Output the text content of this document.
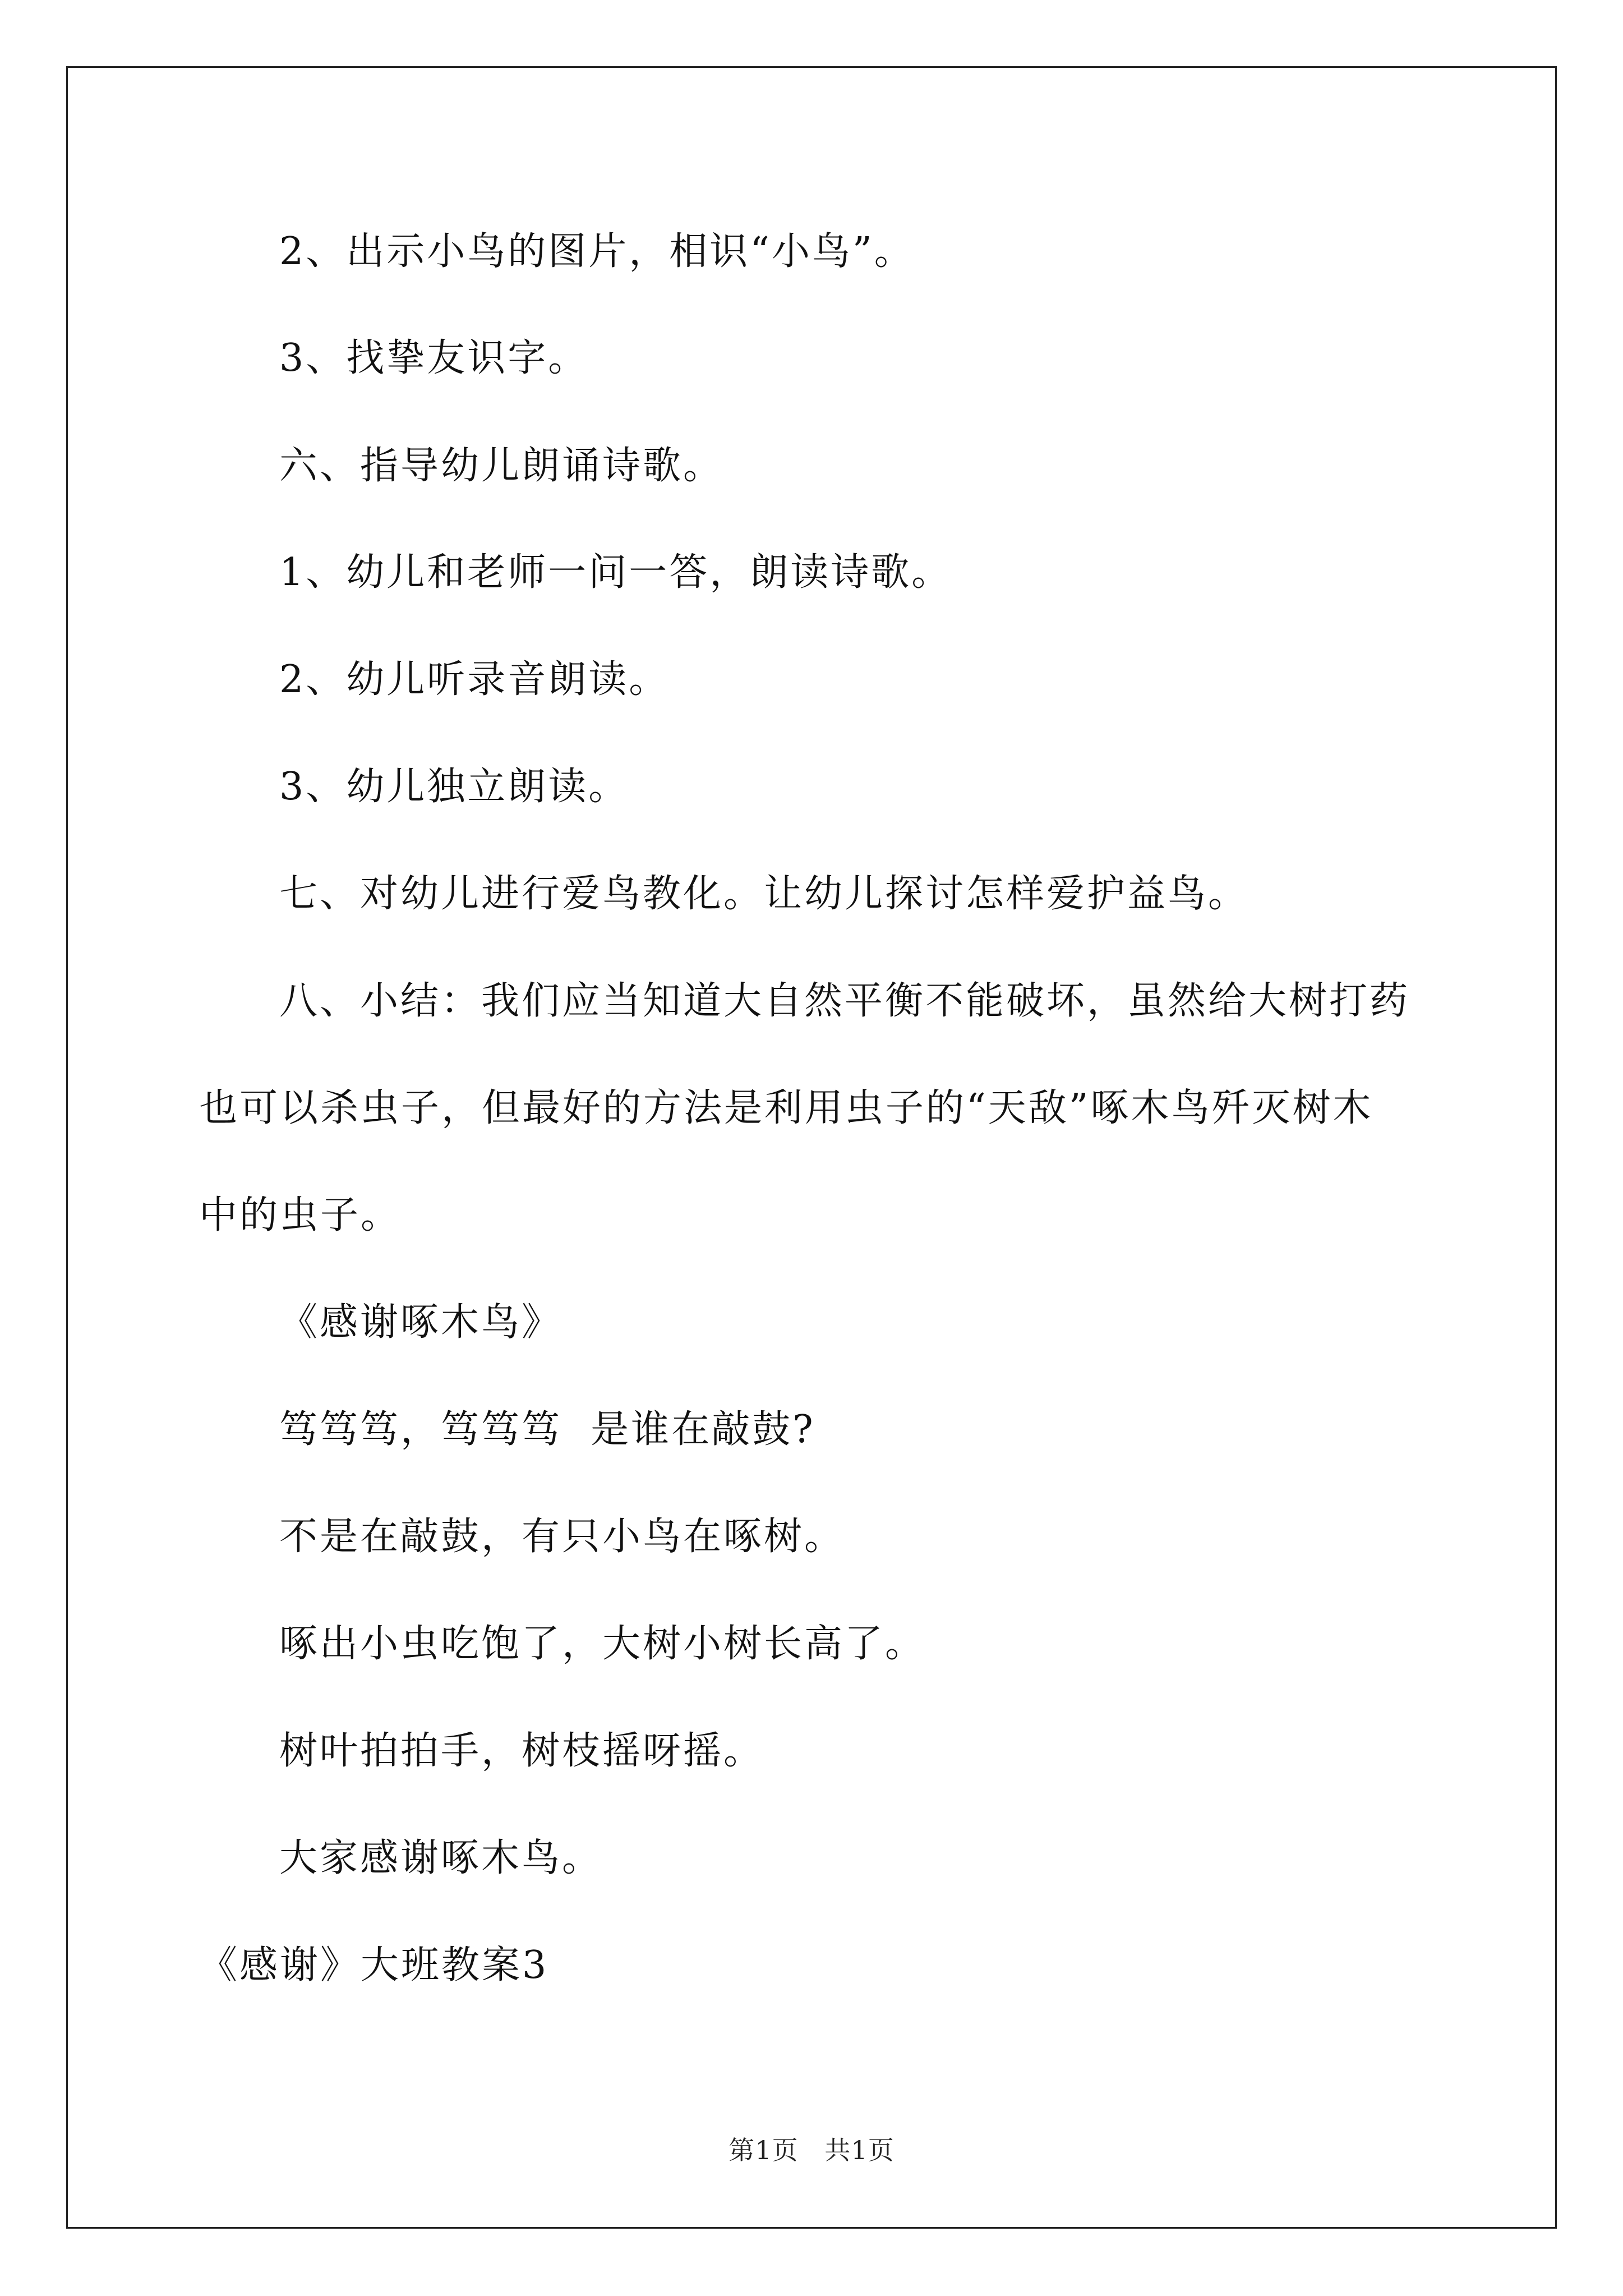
2、出示小鸟的图片，相识“小鸟”。
3、找挚友识字。
六、指导幼儿朗诵诗歌。
1、幼儿和老师一问一答，朗读诗歌。
2、幼儿听录音朗读。
3、幼儿独立朗读。
七、对幼儿进行爱鸟教化。让幼儿探讨怎样爱护益鸟。
八、小结：我们应当知道大自然平衡不能破坏，虽然给大树打药
也可以杀虫子，但最好的方法是利用虫子的“天敌”啄木鸟歼灭树木
中的虫子。
《感谢啄木鸟》
笃笃笃，笃笃笃  是谁在敲鼓?
不是在敲鼓，有只小鸟在啄树。
啄出小虫吃饱了，大树小树长高了。
树叶拍拍手，树枝摇呀摇。
大家感谢啄木鸟。
《感谢》大班教案3
第1页   共1页
